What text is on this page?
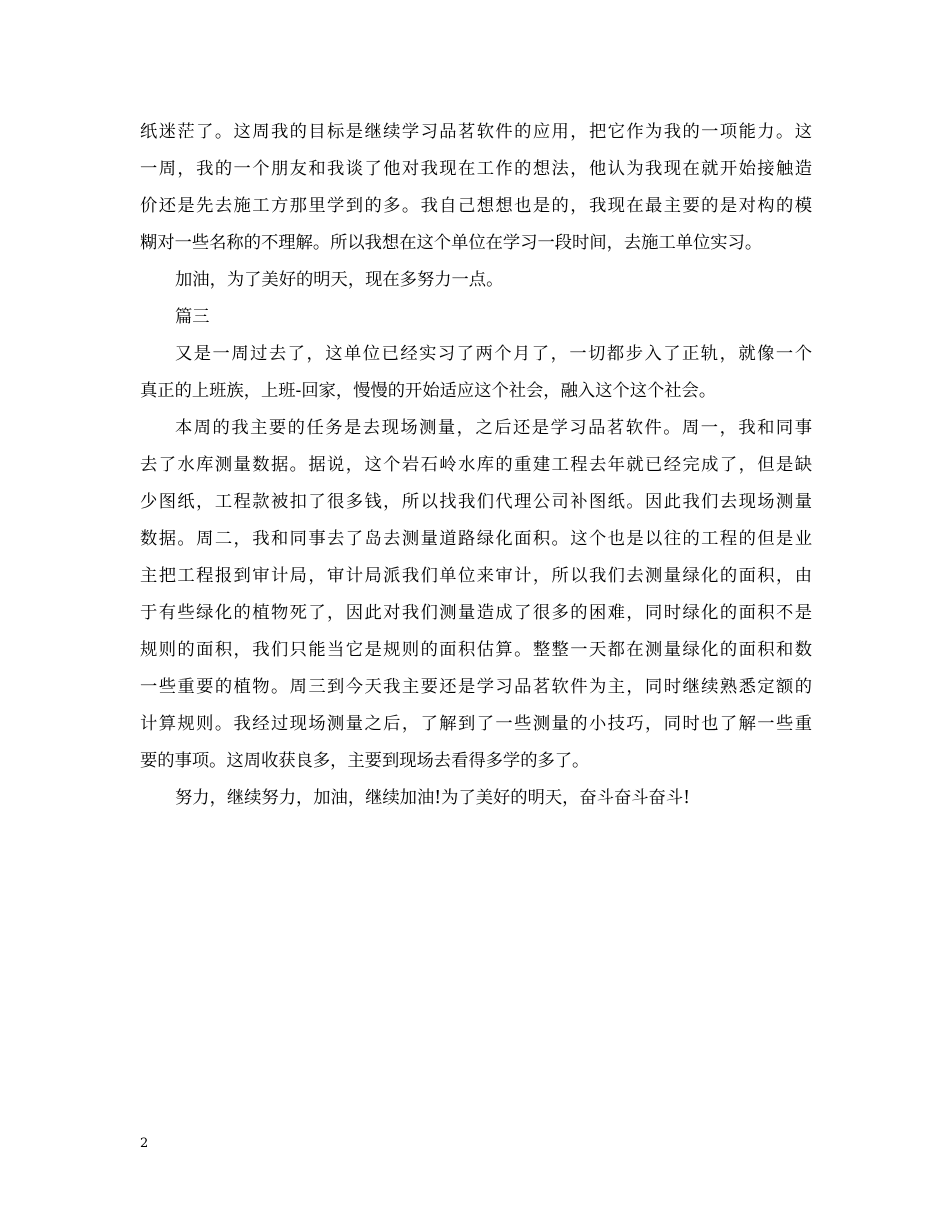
纸迷茫了。这周我的目标是继续学习品茗软件的应用，把它作为我的一项能力。这
一周，我的一个朋友和我谈了他对我现在工作的想法，他认为我现在就开始接触造
价还是先去施工方那里学到的多。我自己想想也是的，我现在最主要的是对构的模
糊对一些名称的不理解。所以我想在这个单位在学习一段时间，去施工单位实习。
加油，为了美好的明天，现在多努力一点。
篇三
又是一周过去了，这单位已经实习了两个月了，一切都步入了正轨，就像一个
真正的上班族，上班-回家，慢慢的开始适应这个社会，融入这个这个社会。
本周的我主要的任务是去现场测量，之后还是学习品茗软件。周一，我和同事
去了水库测量数据。据说，这个岩石岭水库的重建工程去年就已经完成了，但是缺
少图纸，工程款被扣了很多钱，所以找我们代理公司补图纸。因此我们去现场测量
数据。周二，我和同事去了岛去测量道路绿化面积。这个也是以往的工程的但是业
主把工程报到审计局，审计局派我们单位来审计，所以我们去测量绿化的面积，由
于有些绿化的植物死了，因此对我们测量造成了很多的困难，同时绿化的面积不是
规则的面积，我们只能当它是规则的面积估算。整整一天都在测量绿化的面积和数
一些重要的植物。周三到今天我主要还是学习品茗软件为主，同时继续熟悉定额的
计算规则。我经过现场测量之后，了解到了一些测量的小技巧，同时也了解一些重
要的事项。这周收获良多，主要到现场去看得多学的多了。
努力，继续努力，加油，继续加油!为了美好的明天，奋斗奋斗奋斗!
2
